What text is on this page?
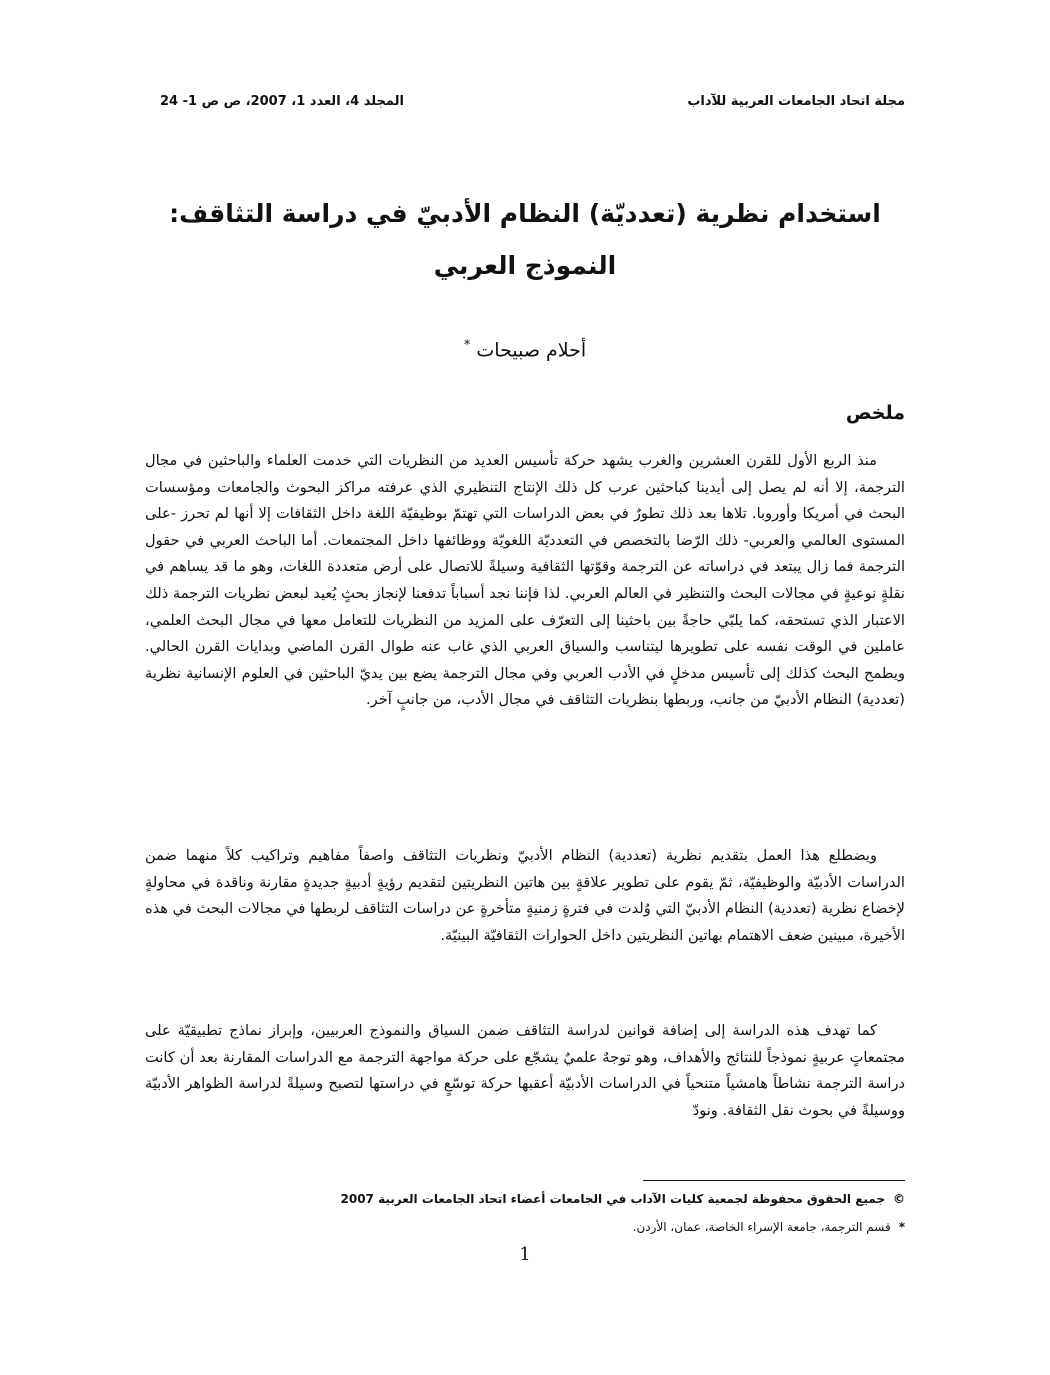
مجلة اتحاد الجامعات العربية للآداب
المجلد 4، العدد 1، 2007، ص ص 1- 24
استخدام نظرية (تعدديّة) النظام الأدبيّ في دراسة التثاقف:
النموذج العربي
أحلام صبيحات *
ملخص

منذ الربع الأول للقرن العشرين والغرب يشهد حركة تأسيس العديد من النظريات التي خدمت العلماء والباحثين في مجال الترجمة، إلا أنه لم يصل إلى أيدينا كباحثين عرب كل ذلك الإنتاج التنظيري الذي عرفته مراكز البحوث والجامعات ومؤسسات البحث في أمريكا وأوروبا. تلاها بعد ذلك تطورٌ في بعض الدراسات التي تهتمّ بوظيفيّة اللغة داخل الثقافات إلا أنها لم تحرز -على المستوى العالمي والعربي- ذلك الرّضا بالتخصص في التعدديّة اللغويّة ووظائفها داخل المجتمعات. أما الباحث العربي في حقول الترجمة فما زال يبتعد في دراساته عن الترجمة وقوّتها الثقافية وسيلةً للاتصال على أرض متعددة اللغات، وهو ما قد يساهم في نقلةٍ نوعيةٍ في مجالات البحث والتنظير في العالم العربي. لذا فإننا نجد أسباباً تدفعنا لإنجاز بحثٍ يُعيد لبعض نظريات الترجمة ذلك الاعتبار الذي تستحقه، كما يلبّي حاجةً بين باحثينا إلى التعرّف على المزيد من النظريات للتعامل معها في مجال البحث العلمي، عاملين في الوقت نفسه على تطويرها ليتناسب والسياق العربي الذي غاب عنه طوال القرن الماضي وبدايات القرن الحالي. ويطمح البحث كذلك إلى تأسيس مدخلٍ في الأدب العربي وفي مجال الترجمة يضع بين يديّ الباحثين في العلوم الإنسانية نظرية (تعددية) النظام الأدبيّ من جانب، وربطها بنظريات التثاقف في مجال الأدب، من جانبٍ آخر.

ويضطلع هذا العمل بتقديم نظرية (تعددية) النظام الأدبيّ ونظريات التثاقف واصفاً مفاهيم وتراكيب كلاً منهما ضمن الدراسات الأدبيّة والوظيفيّة، ثمّ يقوم على تطوير علاقةٍ بين هاتين النظريتين لتقديم رؤيةٍ أدبيةٍ جديدةٍ مقارنة وناقدة في محاولةٍ لإخضاع نظرية (تعددية) النظام الأدبيّ التي وُلدت في فترةٍ زمنيةٍ متأخرةٍ عن دراسات التثاقف لربطها في مجالات البحث في هذه الأخيرة، مبينين ضعف الاهتمام بهاتين النظريتين داخل الحوارات الثقافيّة البينيّة.

كما تهدف هذه الدراسة إلى إضافة قوانين لدراسة التثاقف ضمن السياق والنموذج العربيين، وإبراز نماذج تطبيقيّة على مجتمعاتٍ عربيةٍ نموذجاً للنتائج والأهداف، وهو توجهٌ علميٌ يشجّع على حركة مواجهة الترجمة مع الدراسات المقارنة بعد أن كانت دراسة الترجمة نشاطاً هامشياً متنحياً في الدراسات الأدبيّة أعقبها حركة توسّعٍ في دراستها لتصبح وسيلةً لدراسة الظواهر الأدبيّة ووسيلةً في بحوث نقل الثقافة. ونودّ

©جميع الحقوق محفوظة لجمعية كليات الآداب في الجامعات أعضاء اتحاد الجامعات العربية 2007

*قسم الترجمة، جامعة الإسراء الخاصة، عمان، الأردن.

1
